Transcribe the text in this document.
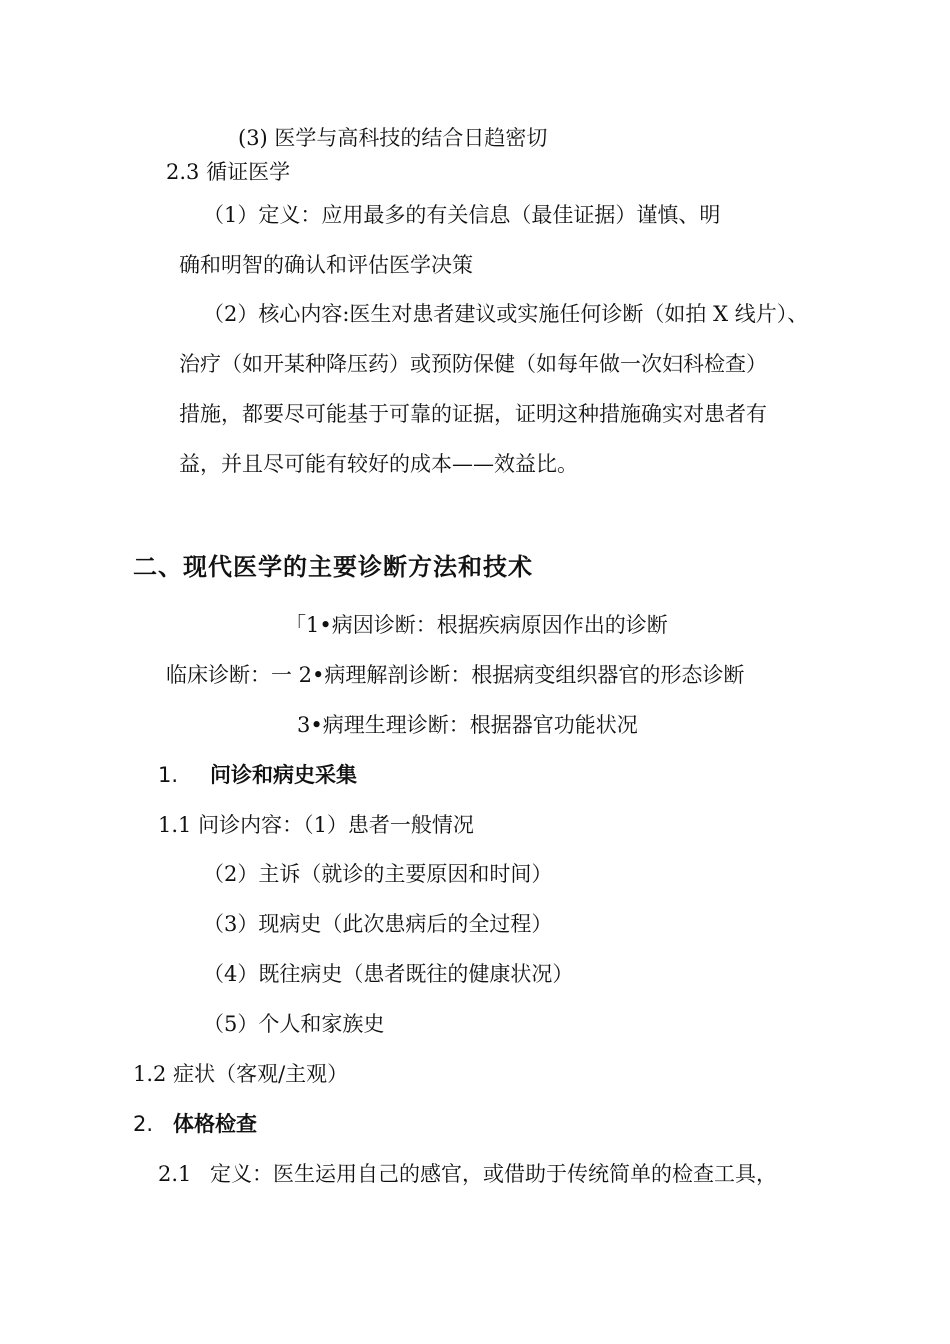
(3) 医学与高科技的结合日趋密切
2.3 循证医学
（1）定义：应用最多的有关信息（最佳证据）谨慎、明
确和明智的确认和评估医学决策
（2）核心内容:医生对患者建议或实施任何诊断（如拍 X 线片）、
治疗（如开某种降压药）或预防保健（如每年做一次妇科检查）
措施，都要尽可能基于可靠的证据，证明这种措施确实对患者有
益，并且尽可能有较好的成本——效益比。
二、现代医学的主要诊断方法和技术
「1•病因诊断：根据疾病原因作出的诊断
临床诊断：一 2•病理解剖诊断：根据病变组织器官的形态诊断
3•病理生理诊断：根据器官功能状况
1. 问诊和病史采集
1.1 问诊内容：（1）患者一般情况
（2）主诉（就诊的主要原因和时间）
（3）现病史（此次患病后的全过程）
（4）既往病史（患者既往的健康状况）
（5）个人和家族史
1.2 症状（客观/主观）
2. 体格检查
2.1 定义：医生运用自己的感官，或借助于传统简单的检查工具，
